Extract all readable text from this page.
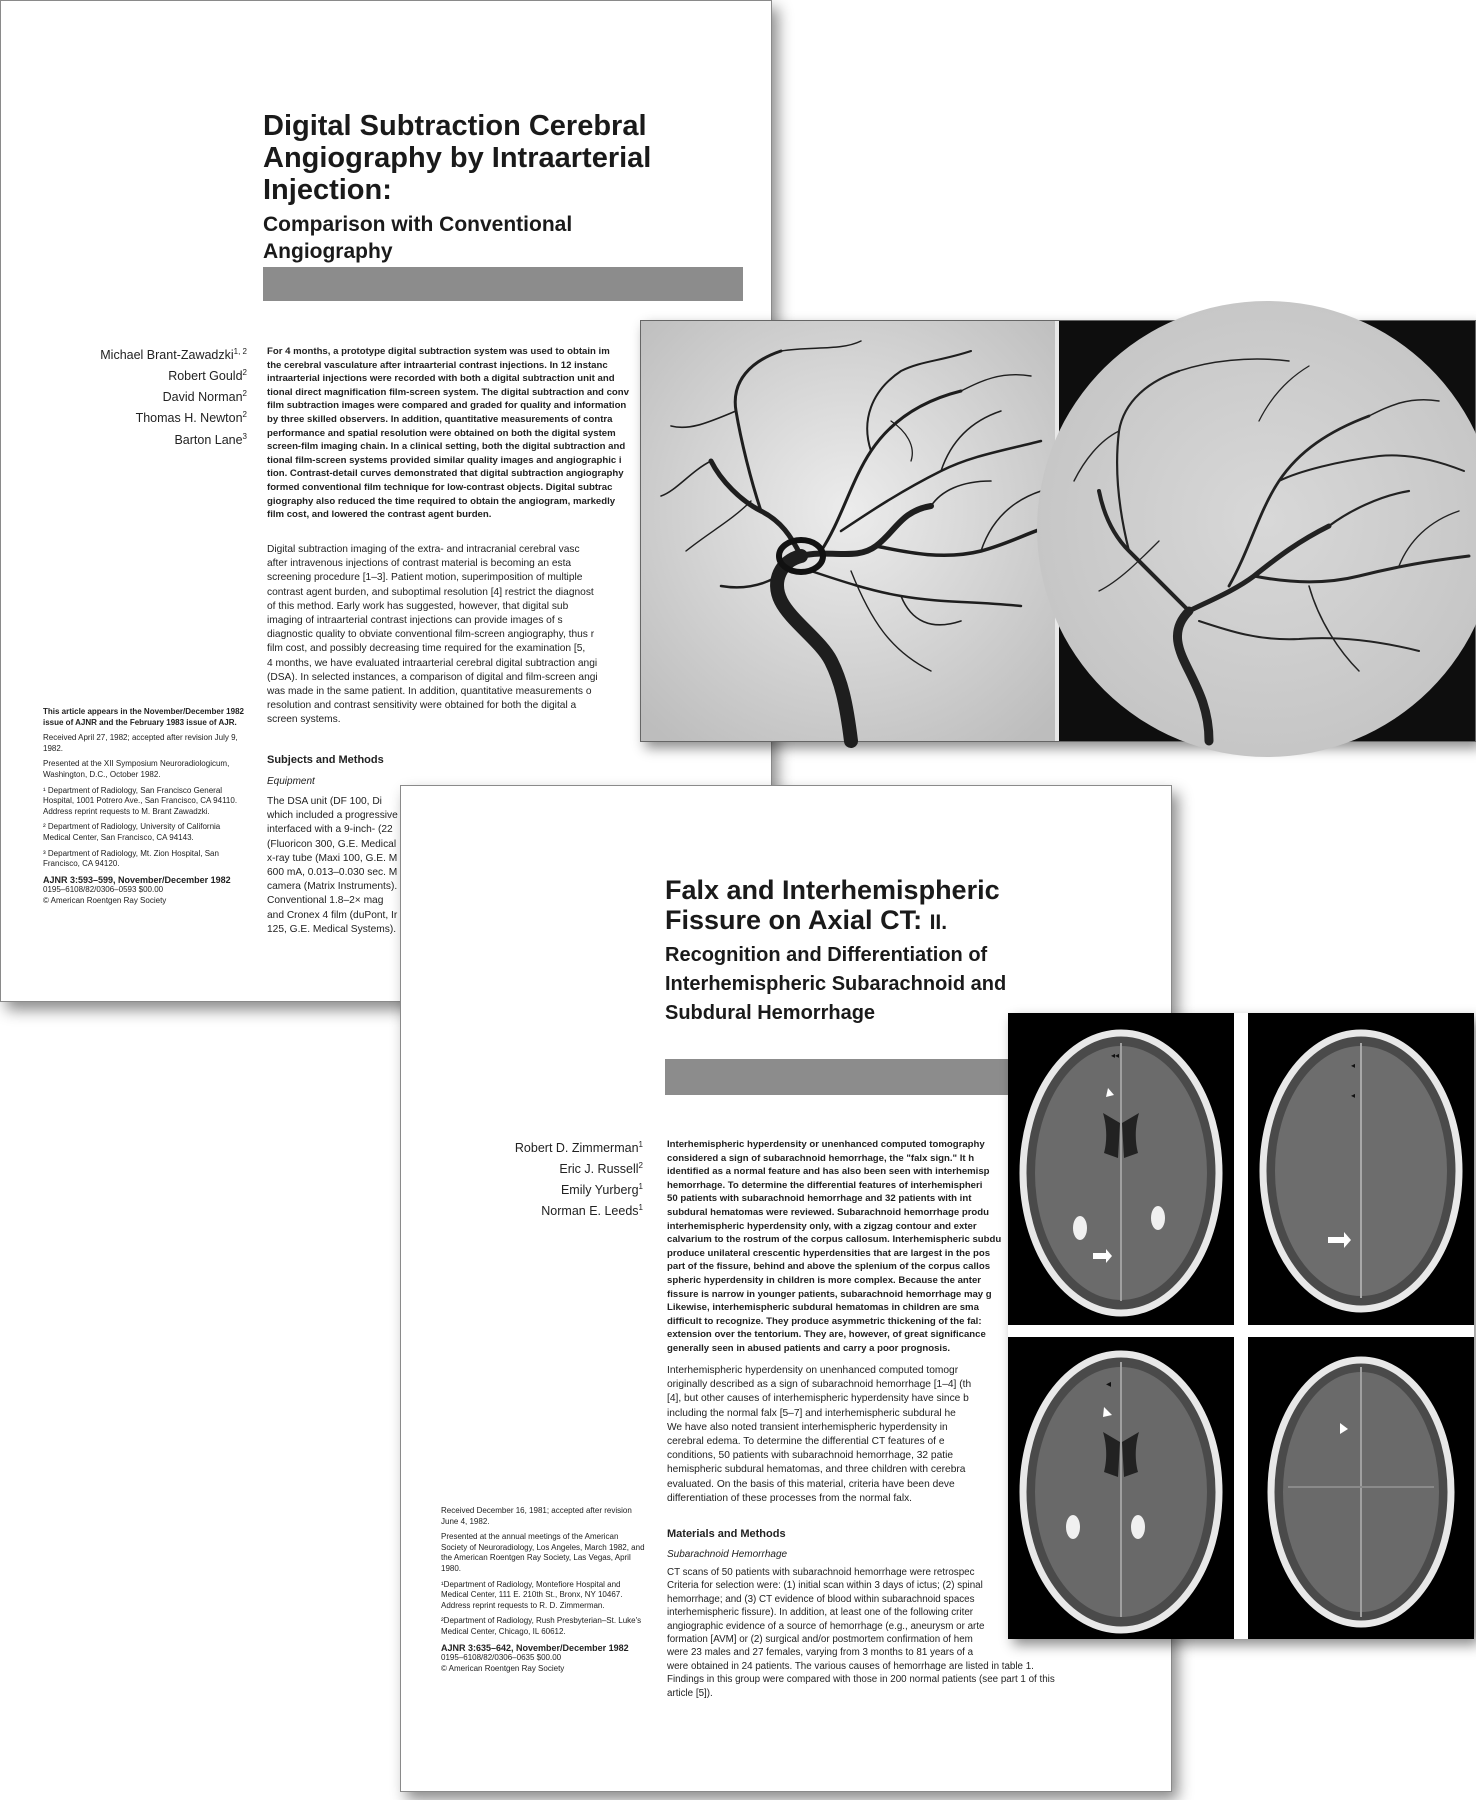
Digital Subtraction Cerebral Angiography by Intraarterial Injection:
Comparison with Conventional Angiography
Michael Brant-Zawadzki$^{1, 2}$
Robert Gould$^2$
David Norman$^2$
Thomas H. Newton$^2$
Barton Lane$^3$
For 4 months, a prototype digital subtraction system was used to obtain im
the cerebral vasculature after intraarterial contrast injections. In 12 instanc
intraarterial injections were recorded with both a digital subtraction unit and
tional direct magnification film-screen system. The digital subtraction and conv
film subtraction images were compared and graded for quality and information
by three skilled observers. In addition, quantitative measurements of contra
performance and spatial resolution were obtained on both the digital system
screen-film imaging chain. In a clinical setting, both the digital subtraction and
tional film-screen systems provided similar quality images and angiographic i
tion. Contrast-detail curves demonstrated that digital subtraction angiography
formed conventional film technique for low-contrast objects. Digital subtrac
giography also reduced the time required to obtain the angiogram, markedly
film cost, and lowered the contrast agent burden.
Digital subtraction imaging of the extra- and intracranial cerebral vasc
after intravenous injections of contrast material is becoming an esta
screening procedure [1–3]. Patient motion, superimposition of multiple
contrast agent burden, and suboptimal resolution [4] restrict the diagnost
of this method. Early work has suggested, however, that digital sub
imaging of intraarterial contrast injections can provide images of s
diagnostic quality to obviate conventional film-screen angiography, thus r
film cost, and possibly decreasing time required for the examination [5,
4 months, we have evaluated intraarterial cerebral digital subtraction angi
(DSA). In selected instances, a comparison of digital and film-screen angi
was made in the same patient. In addition, quantitative measurements o
resolution and contrast sensitivity were obtained for both the digital a
screen systems.
Subjects and Methods
Equipment
The DSA unit (DF 100, Di
which included a progressive
interfaced with a 9-inch- (22
(Fluoricon 300, G.E. Medical
x-ray tube (Maxi 100, G.E. M
600 mA, 0.013–0.030 sec. M
camera (Matrix Instruments).
Conventional 1.8–2× mag
and Cronex 4 film (duPont, Ir
125, G.E. Medical Systems).

This article appears in the November/December 1982 issue of AJNR and the February 1983 issue of AJR.

Received April 27, 1982; accepted after revision July 9, 1982.

Presented at the XII Symposium Neuroradiologicum, Washington, D.C., October 1982.

¹ Department of Radiology, San Francisco General Hospital, 1001 Potrero Ave., San Francisco, CA 94110. Address reprint requests to M. Brant Zawadzki.

² Department of Radiology, University of California Medical Center, San Francisco, CA 94143.

³ Department of Radiology, Mt. Zion Hospital, San Francisco, CA 94120.

AJNR 3:593–599, November/December 1982
0195–6108/82/0306–0593 $00.00
© American Roentgen Ray Society	Falx and Interhemispheric Fissure on Axial CT: II.
Recognition and Differentiation of Interhemispheric Subarachnoid and Subdural Hemorrhage
Robert D. Zimmerman$^1$
Eric J. Russell$^2$
Emily Yurberg$^1$
Norman E. Leeds$^1$
Interhemispheric hyperdensity or unenhanced computed tomography
considered a sign of subarachnoid hemorrhage, the "falx sign." It h
identified as a normal feature and has also been seen with interhemisp
hemorrhage. To determine the differential features of interhemispheri
50 patients with subarachnoid hemorrhage and 32 patients with int
subdural hematomas were reviewed. Subarachnoid hemorrhage produ
interhemispheric hyperdensity only, with a zigzag contour and exter
calvarium to the rostrum of the corpus callosum. Interhemispheric subdu
produce unilateral crescentic hyperdensities that are largest in the pos
part of the fissure, behind and above the splenium of the corpus callos
spheric hyperdensity in children is more complex. Because the anter
fissure is narrow in younger patients, subarachnoid hemorrhage may g
Likewise, interhemispheric subdural hematomas in children are sma
difficult to recognize. They produce asymmetric thickening of the fal:
extension over the tentorium. They are, however, of great significance
generally seen in abused patients and carry a poor prognosis.
Interhemispheric hyperdensity on unenhanced computed tomogr
originally described as a sign of subarachnoid hemorrhage [1–4] (th
[4], but other causes of interhemispheric hyperdensity have since b
including the normal falx [5–7] and interhemispheric subdural he
We have also noted transient interhemispheric hyperdensity in
cerebral edema. To determine the differential CT features of e
conditions, 50 patients with subarachnoid hemorrhage, 32 patie
hemispheric subdural hematomas, and three children with cerebra
evaluated. On the basis of this material, criteria have been deve
differentiation of these processes from the normal falx.
Materials and Methods
Subarachnoid Hemorrhage
CT scans of 50 patients with subarachnoid hemorrhage were retrospec
Criteria for selection were: (1) initial scan within 3 days of ictus; (2) spinal
hemorrhage; and (3) CT evidence of blood within subarachnoid spaces
interhemispheric fissure). In addition, at least one of the following criter
angiographic evidence of a source of hemorrhage (e.g., aneurysm or arte
formation [AVM] or (2) surgical and/or postmortem confirmation of hem
were 23 males and 27 females, varying from 3 months to 81 years of a
were obtained in 24 patients. The various causes of hemorrhage are listed in table 1.
Findings in this group were compared with those in 200 normal patients (see part 1 of this
article [5]).

Received December 16, 1981; accepted after revision June 4, 1982.

Presented at the annual meetings of the American Society of Neuroradiology, Los Angeles, March 1982, and the American Roentgen Ray Society, Las Vegas, April 1980.

¹Department of Radiology, Montefiore Hospital and Medical Center, 111 E. 210th St., Bronx, NY 10467. Address reprint requests to R. D. Zimmerman.

²Department of Radiology, Rush Presbyterian–St. Luke's Medical Center, Chicago, IL 60612.

AJNR 3:635–642, November/December 1982
0195–6108/82/0306–0635 $00.00
© American Roentgen Ray Society
◂◂
◂
◂
◂
